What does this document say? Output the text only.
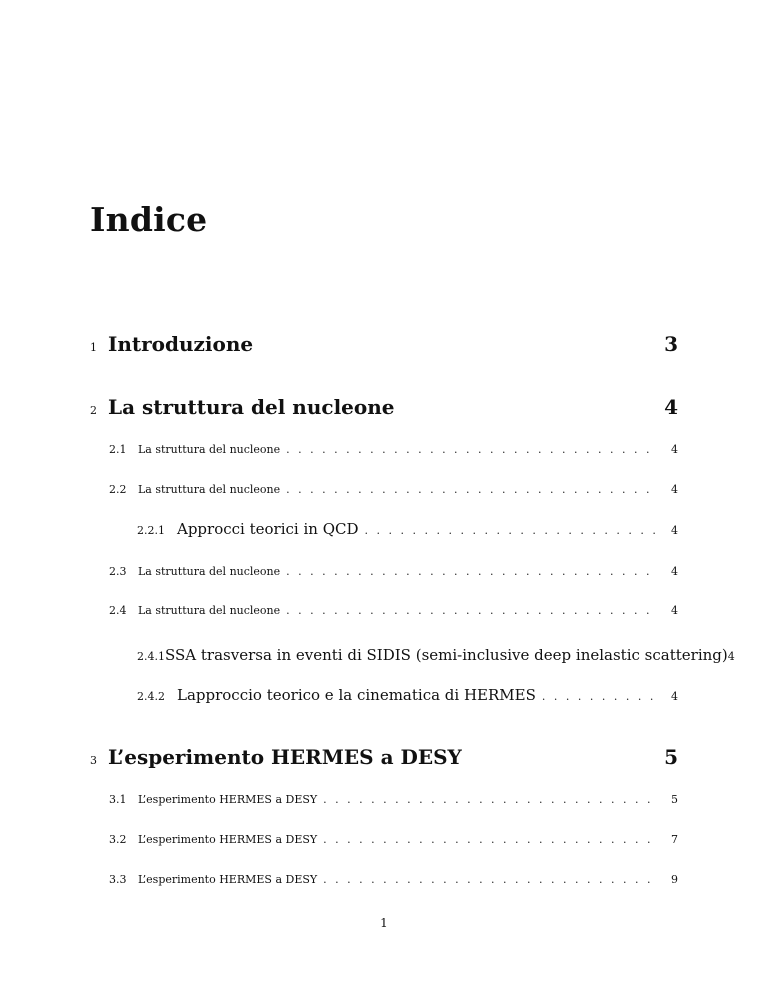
Indice
1 Introduzione	3
2 La struttura del nucleone	4
2.1	La struttura del nucleone . . .	4
2.2	La struttura del nucleone . . .	4
2.2.1 Approcci teorici in QCD . . .	4
2.3	La struttura del nucleone . . .	4
2.4	La struttura del nucleone . . .	4
2.4.1 SSA trasversa in eventi di SIDIS (semi-inclusive deep inelastic scattering) 4
2.4.2 Lapproccio teorico e la cinematica di HERMES . . .	4
3 L’esperimento HERMES a DESY	5
3.1	L’esperimento HERMES a DESY . . .	5
3.2	L’esperimento HERMES a DESY . . .	7
3.3	L’esperimento HERMES a DESY . . .	9
1
